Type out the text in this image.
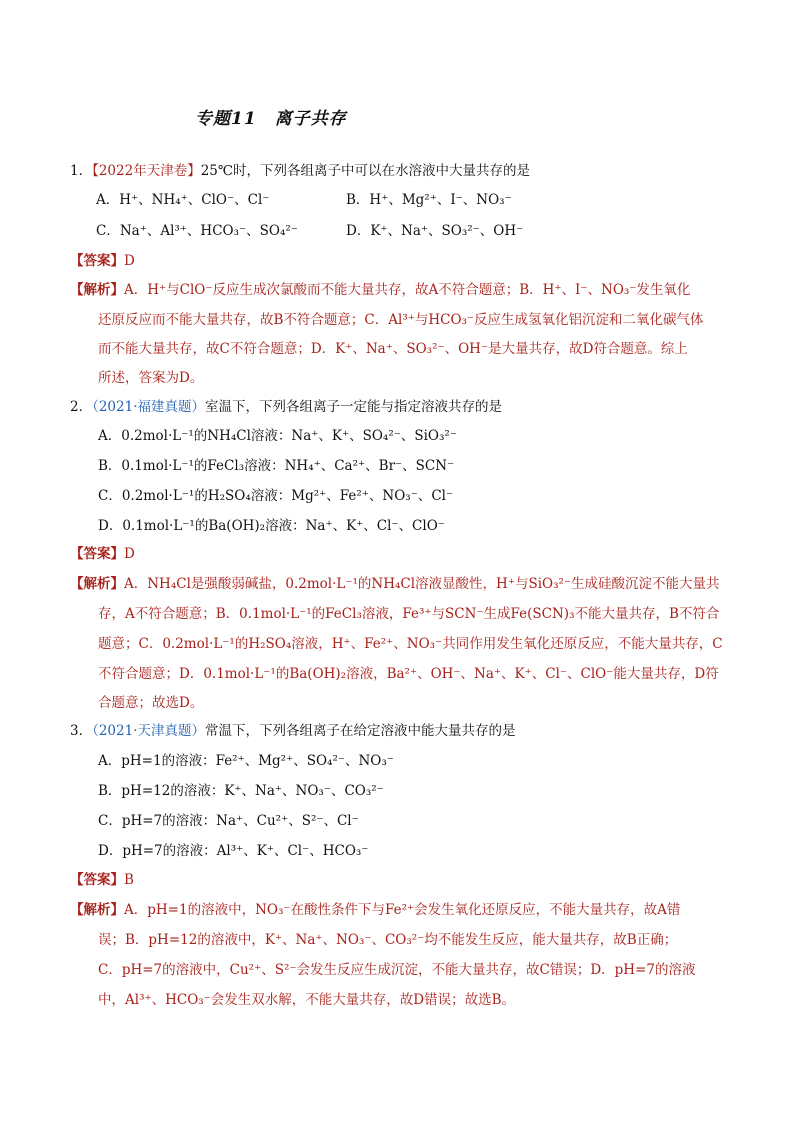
专题11　离子共存
1．【2022年天津卷】25℃时，下列各组离子中可以在水溶液中大量共存的是
A．H⁺、NH₄⁺、ClO⁻、Cl⁻	B．H⁺、Mg²⁺、I⁻、NO₃⁻
C．Na⁺、Al³⁺、HCO₃⁻、SO₄²⁻	D．K⁺、Na⁺、SO₃²⁻、OH⁻
【答案】D
【解析】A．H⁺与ClO⁻反应生成次氯酸而不能大量共存，故A不符合题意；B．H⁺、I⁻、NO₃⁻发生氧化
还原反应而不能大量共存，故B不符合题意；C．Al³⁺与HCO₃⁻反应生成氢氧化铝沉淀和二氧化碳气体
而不能大量共存，故C不符合题意；D．K⁺、Na⁺、SO₃²⁻、OH⁻是大量共存，故D符合题意。综上
所述，答案为D。
2．（2021·福建真题）室温下，下列各组离子一定能与指定溶液共存的是
A．0.2mol·L⁻¹的NH₄Cl溶液：Na⁺、K⁺、SO₄²⁻、SiO₃²⁻
B．0.1mol·L⁻¹的FeCl₃溶液：NH₄⁺、Ca²⁺、Br⁻、SCN⁻
C．0.2mol·L⁻¹的H₂SO₄溶液：Mg²⁺、Fe²⁺、NO₃⁻、Cl⁻
D．0.1mol·L⁻¹的Ba(OH)₂溶液：Na⁺、K⁺、Cl⁻、ClO⁻
【答案】D
【解析】A．NH₄Cl是强酸弱碱盐，0.2mol·L⁻¹的NH₄Cl溶液显酸性，H⁺与SiO₃²⁻生成硅酸沉淀不能大量共
存，A不符合题意；B．0.1mol·L⁻¹的FeCl₃溶液，Fe³⁺与SCN⁻生成Fe(SCN)₃不能大量共存，B不符合
题意；C．0.2mol·L⁻¹的H₂SO₄溶液，H⁺、Fe²⁺、NO₃⁻共同作用发生氧化还原反应，不能大量共存，C
不符合题意；D．0.1mol·L⁻¹的Ba(OH)₂溶液，Ba²⁺、OH⁻、Na⁺、K⁺、Cl⁻、ClO⁻能大量共存，D符
合题意；故选D。
3．（2021·天津真题）常温下，下列各组离子在给定溶液中能大量共存的是
A．pH=1的溶液：Fe²⁺、Mg²⁺、SO₄²⁻、NO₃⁻
B．pH=12的溶液：K⁺、Na⁺、NO₃⁻、CO₃²⁻
C．pH=7的溶液：Na⁺、Cu²⁺、S²⁻、Cl⁻
D．pH=7的溶液：Al³⁺、K⁺、Cl⁻、HCO₃⁻
【答案】B
【解析】A．pH=1的溶液中，NO₃⁻在酸性条件下与Fe²⁺会发生氧化还原反应，不能大量共存，故A错
误；B．pH=12的溶液中，K⁺、Na⁺、NO₃⁻、CO₃²⁻均不能发生反应，能大量共存，故B正确；
C．pH=7的溶液中，Cu²⁺、S²⁻会发生反应生成沉淀，不能大量共存，故C错误；D．pH=7的溶液
中，Al³⁺、HCO₃⁻会发生双水解，不能大量共存，故D错误；故选B。
